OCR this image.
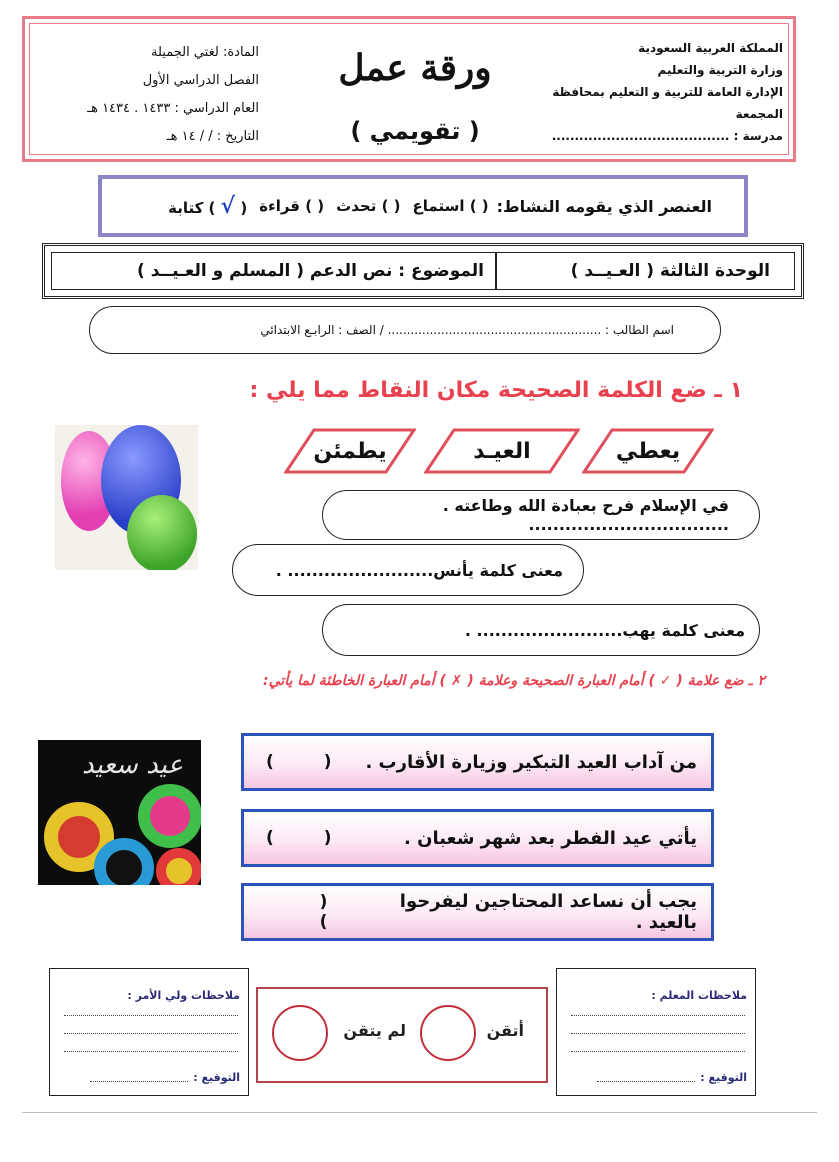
المملكة العربية السعودية
وزارة التربية والتعليم
الإدارة العامة للتربية و التعليم بمحافظة المجمعة
مدرسة : .......................................
ورقة عمل
( تقويمي )
المادة: لغتي الجميلة
الفصل الدراسي الأول
العام الدراسي : ١٤٣٣ . ١٤٣٤ هـ
التاريخ : / / ١٤ هـ
العنصر الذي يقومه النشاط:
( ) استماع
( ) تحدث
( ) قراءة
( √ ) كتابة
الوحدة الثالثة ( العـيــد )
الموضوع : نص الدعم ( المسلم و العـيــد )
اسم الطالب : ........................................................ / الصف : الرابـع الابتدائي
١ ـ ضع الكلمة الصحيحة مكان النقاط مما يلي :
يعطي
العيـد
يطمئن
في الإسلام فرح بعبادة الله وطاعته . .................................
معنى كلمة يأنس........................ .
معنى كلمة يهب........................ .
٢ ـ ضع علامة ( ✓ ) أمام العبارة الصحيحة وعلامة ( ✗ ) أمام العبارة الخاطئة لما يأتي:
عيد سعيد	من آداب العيد التبكير وزيارة الأقارب .
( )
يأتي عيد الفطر بعد شهر شعبان .
( )
يجب أن نساعد المحتاجين ليفرحوا بالعيد .
( )
ملاحظات المعلم :
التوقيع :
أتقن
لم يتقن
ملاحظات ولي الأمر :
التوقيع :
